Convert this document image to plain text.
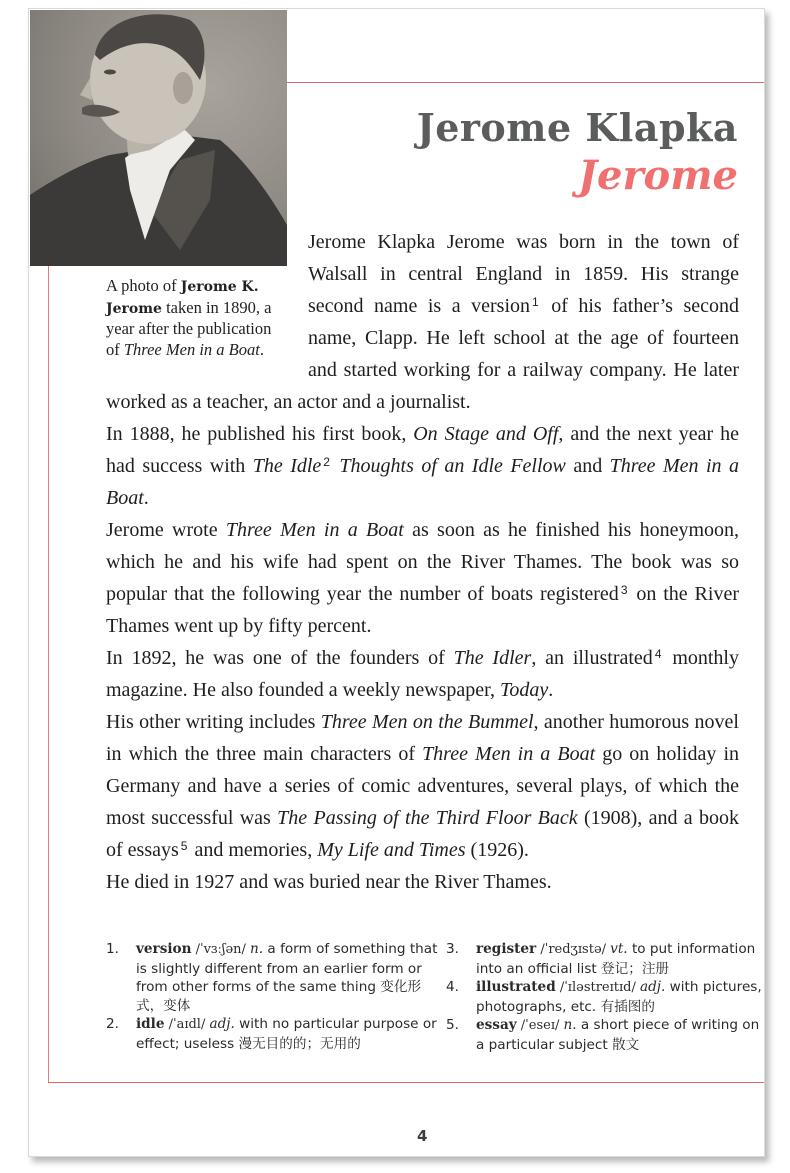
Jerome Klapka
Jerome
A photo of Jerome K. Jerome taken in 1890, a year after the publication of Three Men in a Boat.

Jerome Klapka Jerome was born in the town of Walsall in central England in 1859. His strange second name is a version $^1$ of his father’s second name, Clapp. He left school at the age of fourteen and started working for a railway company. He later worked as a teacher, an actor and a journalist.

In 1888, he published his first book, On Stage and Off, and the next year he had success with The Idle $^2$ Thoughts of an Idle Fellow and Three Men in a Boat.

Jerome wrote Three Men in a Boat as soon as he finished his honeymoon, which he and his wife had spent on the River Thames. The book was so popular that the following year the number of boats registered $^3$ on the River Thames went up by fifty percent.

In 1892, he was one of the founders of The Idler, an illustrated $^4$ monthly magazine. He also founded a weekly newspaper, Today.

His other writing includes Three Men on the Bummel, another humorous novel in which the three main characters of Three Men in a Boat go on holiday in Germany and have a series of comic adventures, several plays, of which the most successful was The Passing of the Third Floor Back (1908), and a book of essays $^5$ and memories, My Life and Times (1926).

He died in 1927 and was buried near the River Thames.

1.	version /ˈvɜːʃən/ n. a form of something that is slightly different from an earlier form or from other forms of the same thing 变化形式，变体
2.	idle /ˈaɪdl/ adj. with no particular purpose or effect; useless 漫无目的的；无用的
3.	register /ˈredʒɪstə/ vt. to put information into an official list 登记；注册
4.	illustrated /ˈɪləstreɪtɪd/ adj. with pictures, photographs, etc. 有插图的
5.	essay /ˈeseɪ/ n. a short piece of writing on a particular subject 散文
4
